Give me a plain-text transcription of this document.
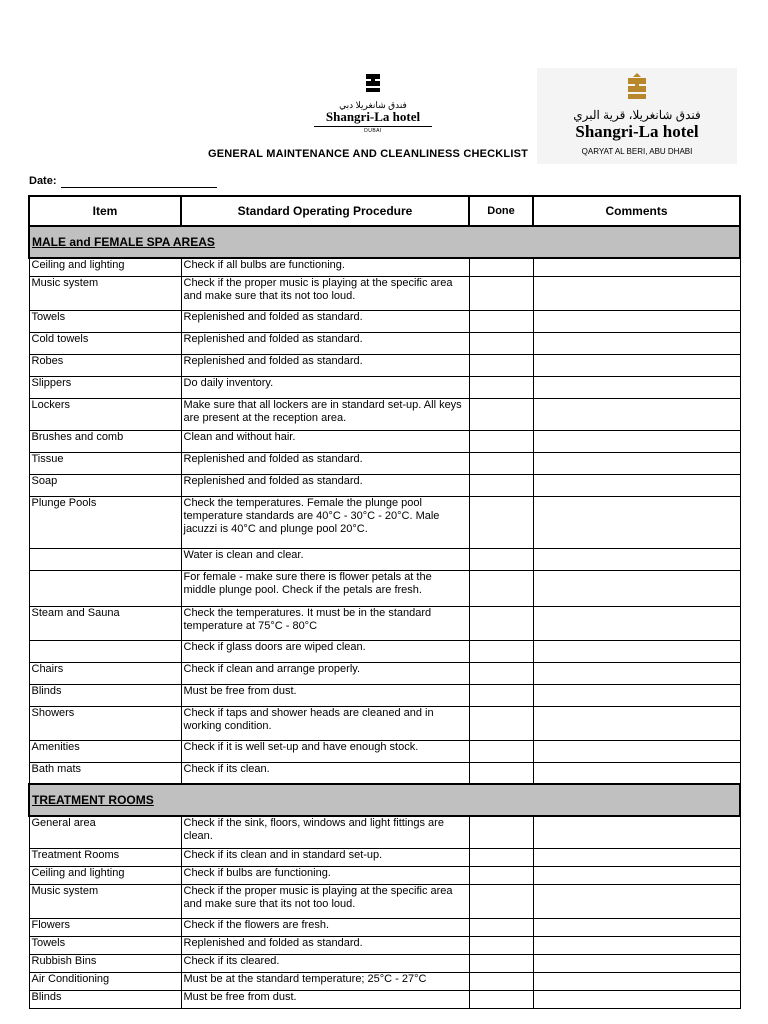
فندق شانغريلا دبي
Shangri-La hotel
DUBAI
فندق شانغريلا، قرية البري
Shangri-La hotel
QARYAT AL BERI, ABU DHABI
GENERAL MAINTENANCE AND CLEANLINESS CHECKLIST
Date:
Item	Standard Operating Procedure	Done	Comments
MALE and FEMALE SPA AREAS			
Ceiling and lighting	Check if all bulbs are functioning.		
Music system	Check if the proper music is playing at the specific area and make sure that its not too loud.		
Towels	Replenished and folded as standard.		
Cold towels	Replenished and folded as standard.		
Robes	Replenished and folded as standard.		
Slippers	Do daily inventory.		
Lockers	Make sure that all lockers are in standard set-up. All keys are present at the reception area.		
Brushes and comb	Clean and without hair.		
Tissue	Replenished and folded as standard.		
Soap	Replenished and folded as standard.		
Plunge Pools	Check the temperatures. Female the plunge pool temperature standards are 40°C - 30°C - 20°C. Male jacuzzi is 40°C and plunge pool 20°C.		
	Water is clean and clear.		
	For female - make sure there is flower petals at the middle plunge pool. Check if the petals are fresh.		
Steam and Sauna	Check the temperatures. It must be in the standard temperature at 75°C - 80°C		
	Check if glass doors are wiped clean.		
Chairs	Check if clean and arrange properly.		
Blinds	Must be free from dust.		
Showers	Check if taps and shower heads are cleaned and in working condition.		
Amenities	Check if it is well set-up and have enough stock.		
Bath mats	Check if its clean.		
TREATMENT ROOMS			
General area	Check if the sink, floors, windows and light fittings are clean.		
Treatment Rooms	Check if its clean and in standard set-up.		
Ceiling and lighting	Check if bulbs are functioning.		
Music system	Check if the proper music is playing at the specific area and make sure that its not too loud.		
Flowers	Check if the flowers are fresh.		
Towels	Replenished and folded as standard.		
Rubbish Bins	Check if its cleared.		
Air Conditioning	Must be at the standard temperature; 25°C - 27°C		
Blinds	Must be free from dust.		
